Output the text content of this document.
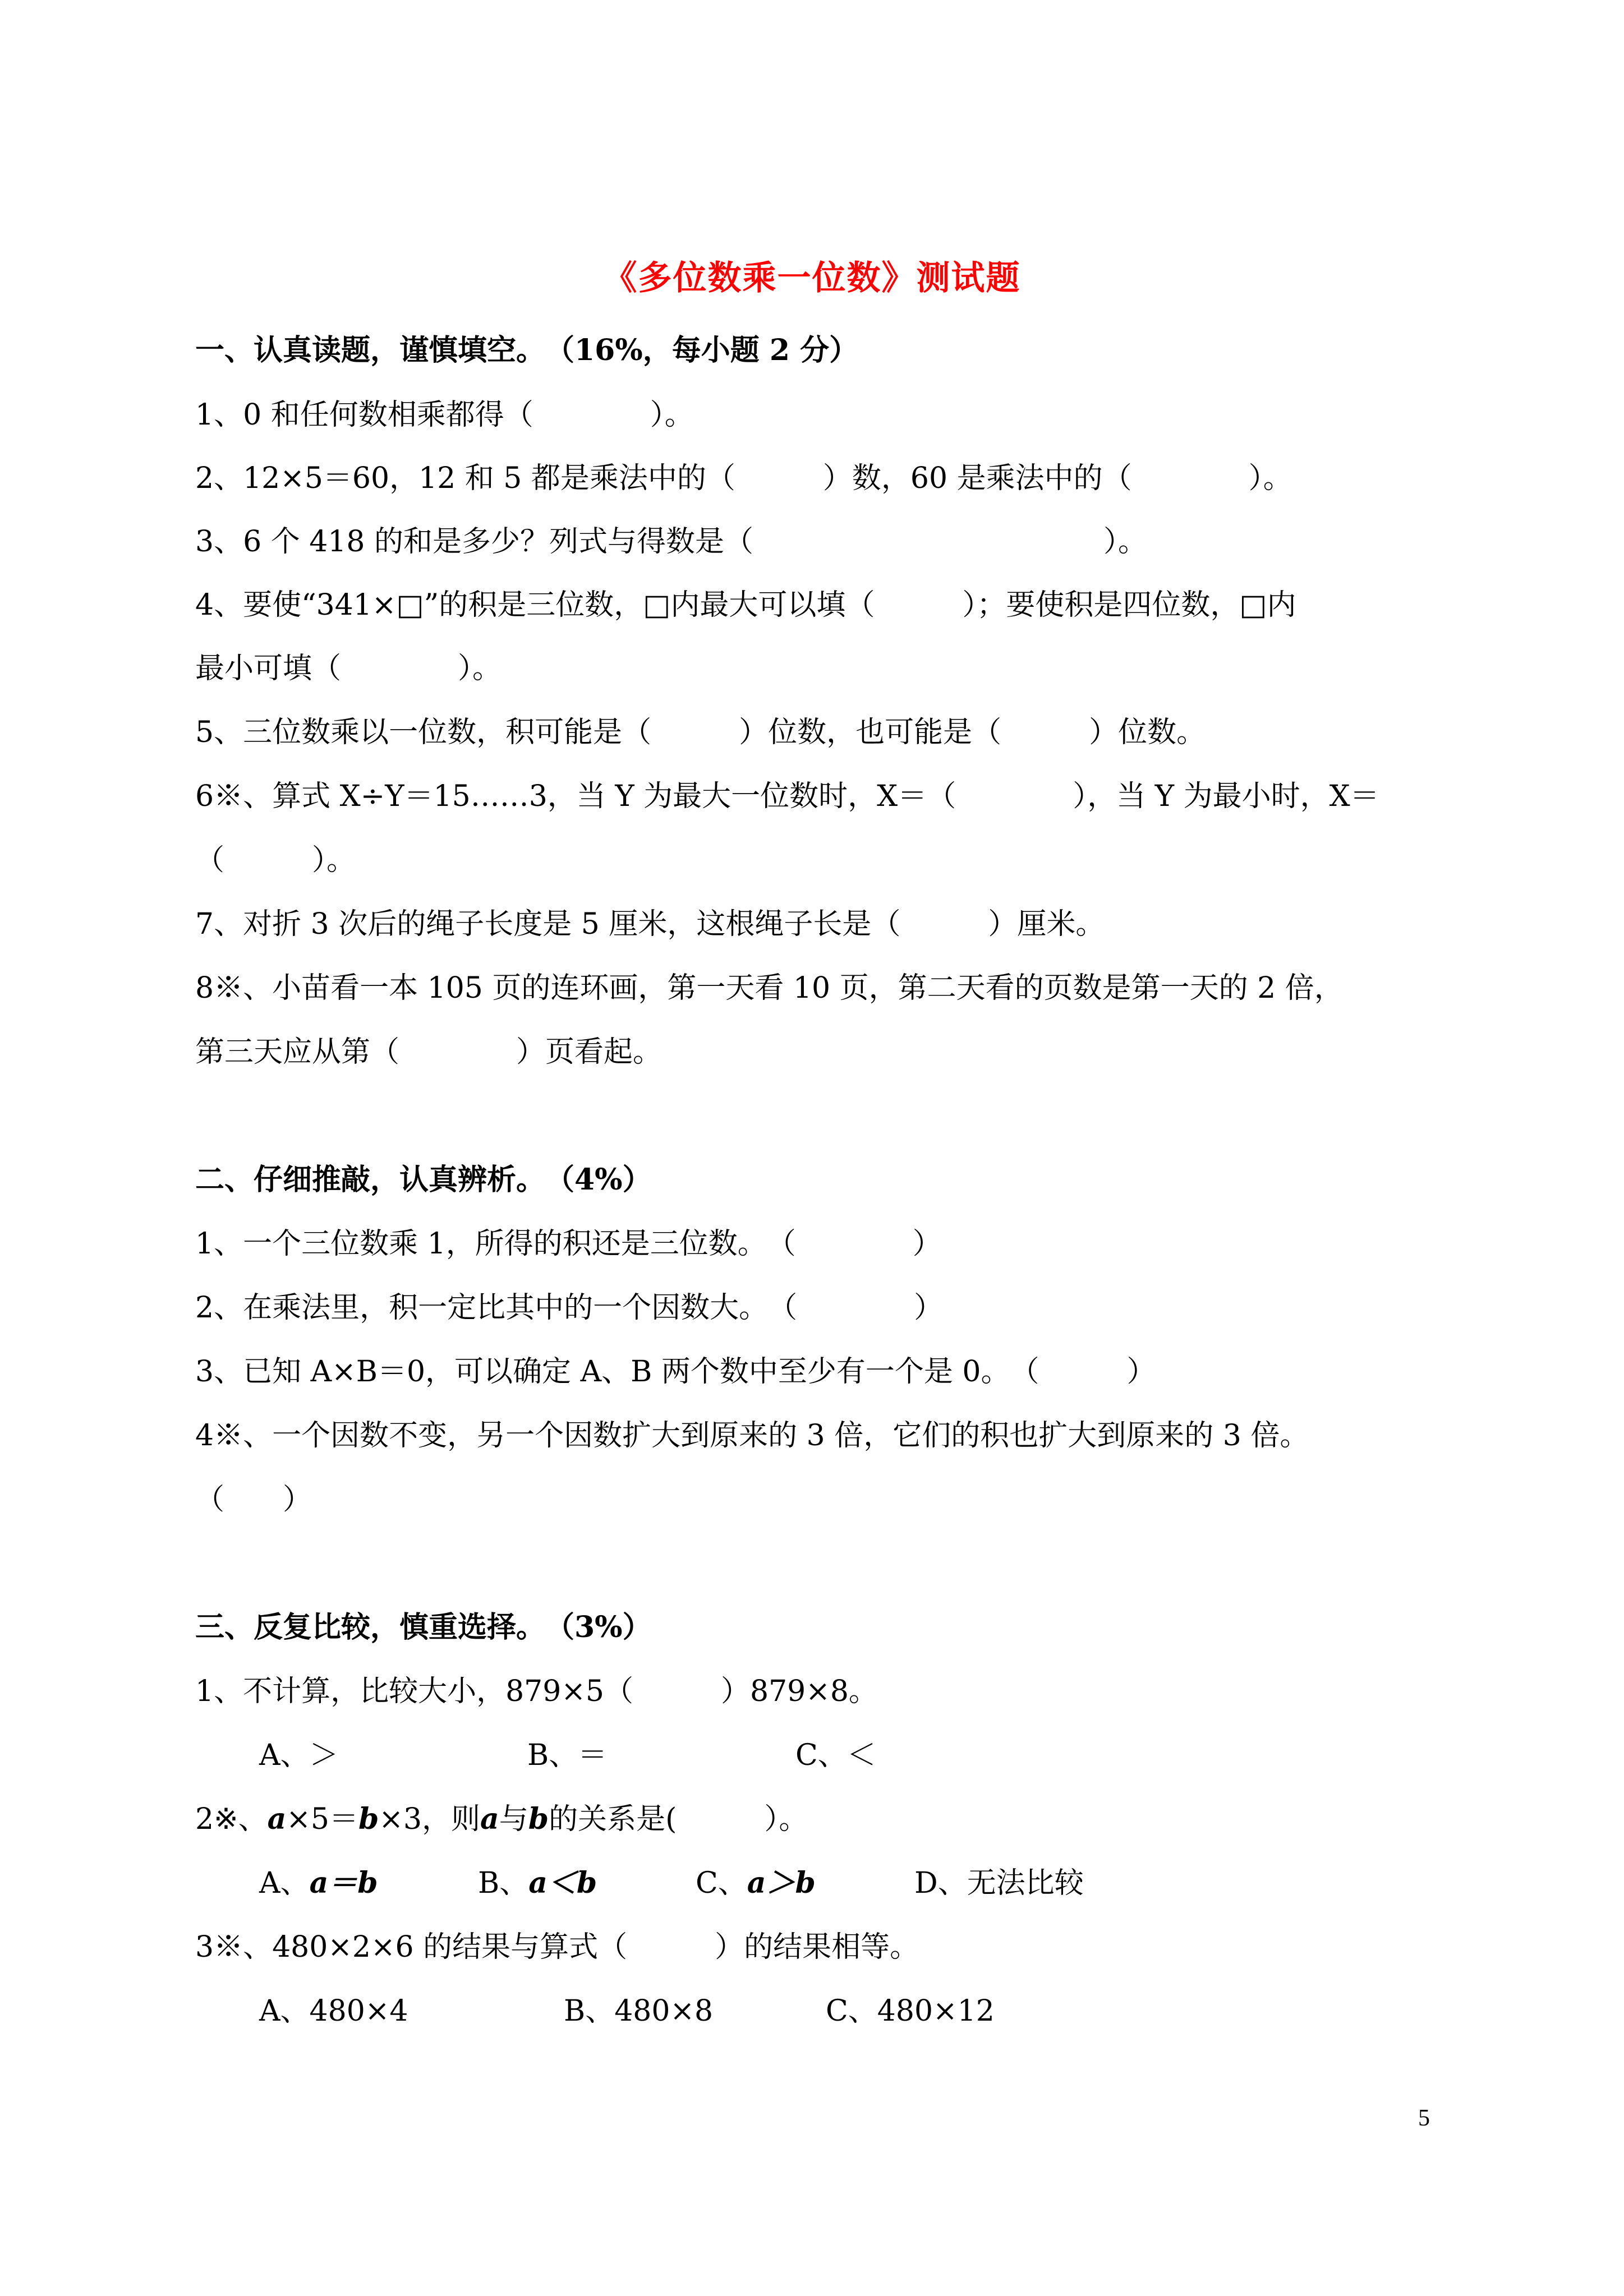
《多位数乘一位数》测试题
一、认真读题，谨慎填空。　（16%，每小题 2 分）
1、0 和任何数相乘都得（　　　　）。
2、12×5＝60，12 和 5 都是乘法中的（　　　）数，60 是乘法中的（　　　　）。
3、6 个 418 的和是多少？列式与得数是（　　　　　　　　　　　　）。
4、要使“341×□”的积是三位数，□内最大可以填（　　　）；要使积是四位数，□内
最小可填（　　　　）。
5、三位数乘以一位数，积可能是（　　　）位数，也可能是（　　　）位数。
6※、算式 X÷Y＝15……3，当 Y 为最大一位数时，X＝（　　　　），当 Y 为最小时，X＝
（　　　）。
7、对折 3 次后的绳子长度是 5 厘米，这根绳子长是（　　　）厘米。
8※、小苗看一本 105 页的连环画，第一天看 10 页，第二天看的页数是第一天的 2 倍，
第三天应从第（　　　　）页看起。
二、仔细推敲，认真辨析。　（4%）
1、一个三位数乘 1，所得的积还是三位数。　（　　　　）
2、在乘法里，积一定比其中的一个因数大。　（　　　　）
3、已知 A×B＝0，可以确定 A、B 两个数中至少有一个是 0。　（　　　）
4※、一个因数不变，另一个因数扩大到原来的 3 倍，它们的积也扩大到原来的 3 倍。
（　　）
三、反复比较，慎重选择。　（3%）
1、不计算，比较大小，879×5（　　　）879×8。
A、＞	B、＝	C、＜
2※、a×5＝b×3，则a与b的关系是(　　　）。
A、a＝b	B、a＜b	C、a＞b	D、无法比较
3※、480×2×6 的结果与算式（　　　）的结果相等。
A、480×4	B、480×8	C、480×12
5
